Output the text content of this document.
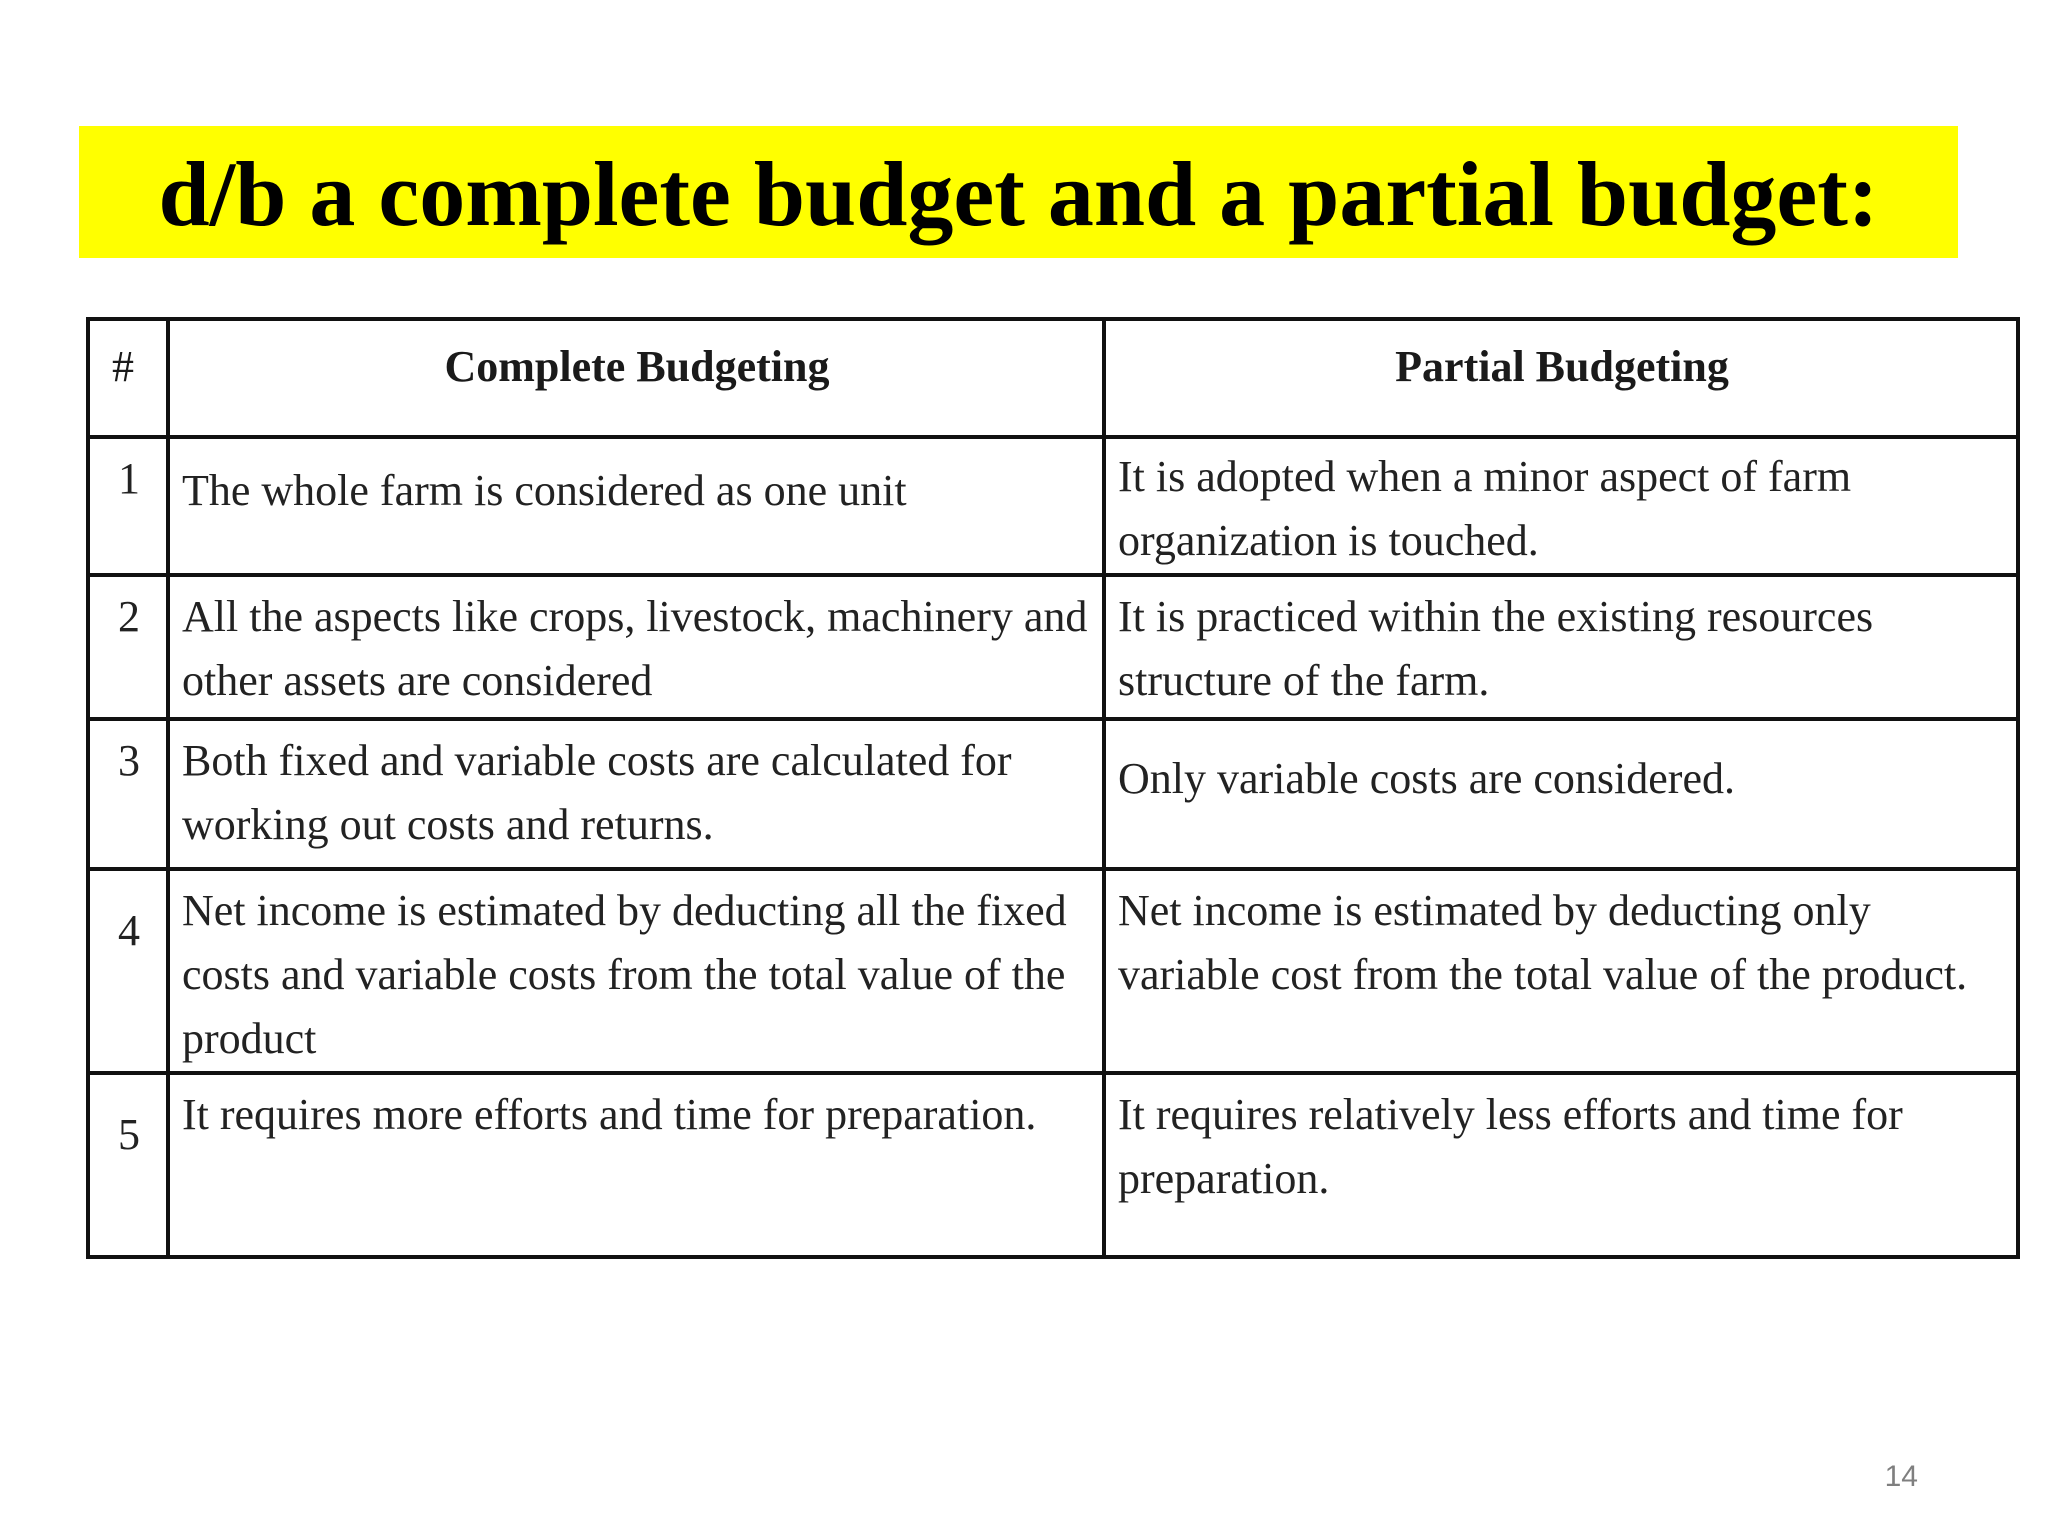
d/b a complete budget and a partial budget:
#	Complete Budgeting	Partial Budgeting
1	The whole farm is considered as one unit	It is adopted when a minor aspect of farm organization is touched.
2	All the aspects like crops, livestock, machinery and other assets are considered	It is practiced within the existing resources structure of the farm.
3	Both fixed and variable costs are calculated for working out costs and returns.	Only variable costs are considered.
4	Net income is estimated by deducting all the fixed costs and variable costs from the total value of the product	Net income is estimated by deducting only variable cost from the total value of the product.
5	It requires more efforts and time for preparation.	It requires relatively less efforts and time for preparation.
14
